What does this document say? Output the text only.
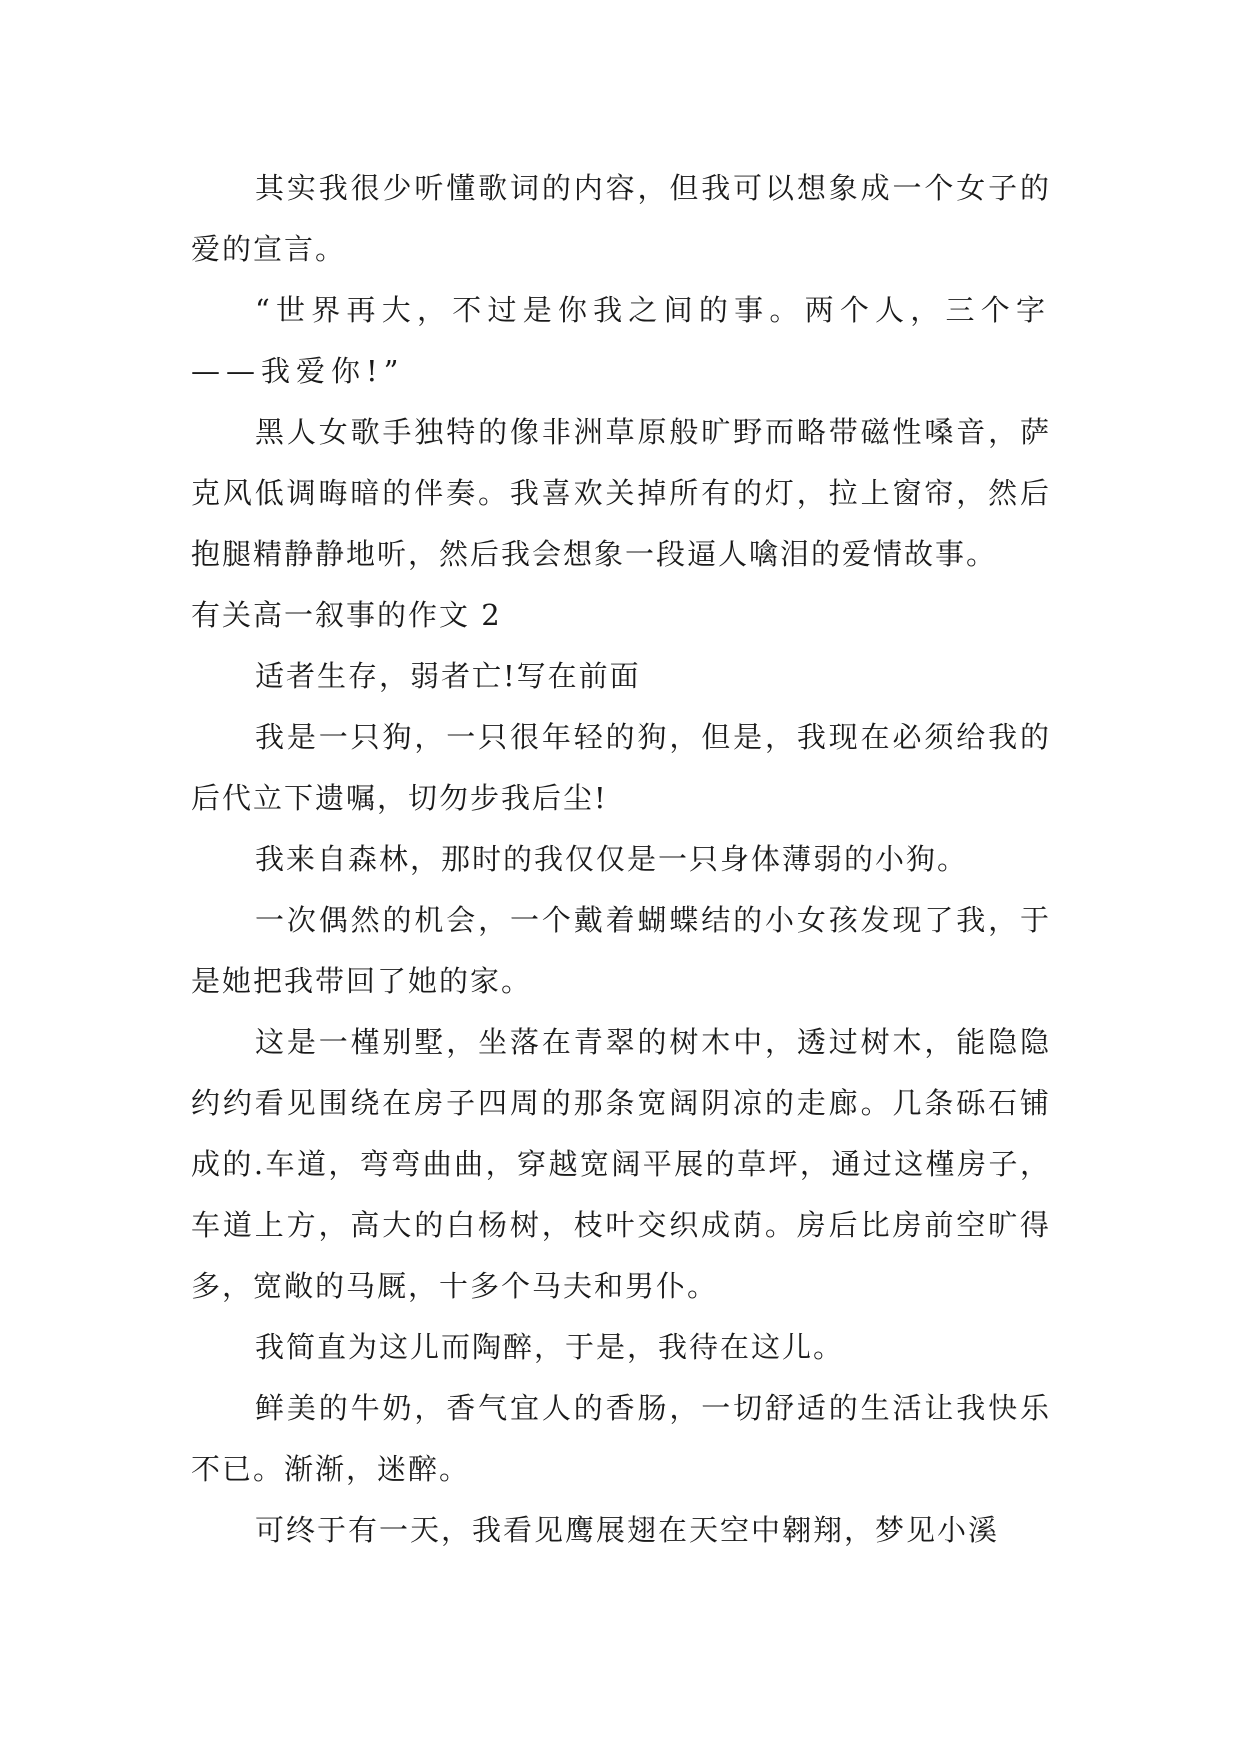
其实我很少听懂歌词的内容，但我可以想象成一个女子的爱的宣言。

“世界再大，不过是你我之间的事。两个人，三个字——我爱你!”

黑人女歌手独特的像非洲草原般旷野而略带磁性嗓音，萨克风低调晦暗的伴奏。我喜欢关掉所有的灯，拉上窗帘，然后抱腿精静静地听，然后我会想象一段逼人噙泪的爱情故事。

有关高一叙事的作文 2

适者生存，弱者亡!写在前面

我是一只狗，一只很年轻的狗，但是，我现在必须给我的后代立下遗嘱，切勿步我后尘!

我来自森林，那时的我仅仅是一只身体薄弱的小狗。

一次偶然的机会，一个戴着蝴蝶结的小女孩发现了我，于是她把我带回了她的家。

这是一槿别墅，坐落在青翠的树木中，透过树木，能隐隐约约看见围绕在房子四周的那条宽阔阴凉的走廊。几条砾石铺成的.车道，弯弯曲曲，穿越宽阔平展的草坪，通过这槿房子，车道上方，高大的白杨树，枝叶交织成荫。房后比房前空旷得多，宽敞的马厩，十多个马夫和男仆。

我简直为这儿而陶醉，于是，我待在这儿。

鲜美的牛奶，香气宜人的香肠，一切舒适的生活让我快乐不已。渐渐，迷醉。

可终于有一天，我看见鹰展翅在天空中翱翔，梦见小溪
